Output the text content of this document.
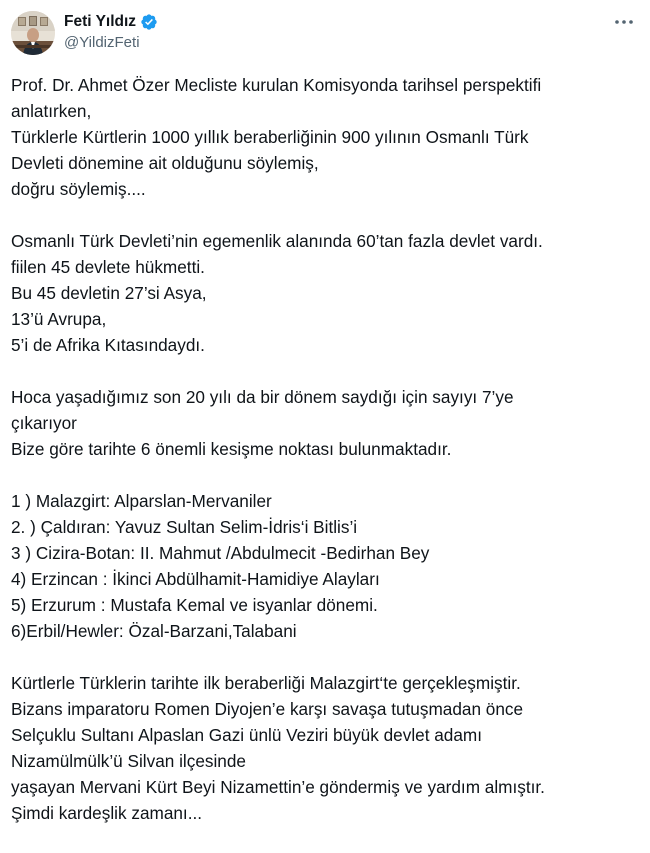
Feti Yıldız
@YildizFeti
Prof. Dr. Ahmet Özer Mecliste kurulan Komisyonda tarihsel perspektifi
anlatırken,
Türklerle Kürtlerin 1000 yıllık beraberliğinin 900 yılının Osmanlı Türk
Devleti dönemine ait olduğunu söylemiş,
doğru söylemiş....
Osmanlı Türk Devleti’nin egemenlik alanında 60’tan fazla devlet vardı.
fiilen 45 devlete hükmetti.
Bu 45 devletin 27’si Asya,
13’ü Avrupa,
5’i de Afrika Kıtasındaydı.
Hoca yaşadığımız son 20 yılı da bir dönem saydığı için sayıyı 7’ye
çıkarıyor
Bize göre tarihte 6 önemli kesişme noktası bulunmaktadır.
1 ) Malazgirt: Alparslan-Mervaniler
2. ) Çaldıran: Yavuz Sultan Selim-İdris‘i Bitlis’i
3 ) Cizira-Botan: II. Mahmut /Abdulmecit -Bedirhan Bey
4) Erzincan : İkinci Abdülhamit-Hamidiye Alayları
5) Erzurum : Mustafa Kemal ve isyanlar dönemi.
6)Erbil/Hewler: Özal-Barzani,Talabani
Kürtlerle Türklerin tarihte ilk beraberliği Malazgirt‘te gerçekleşmiştir.
Bizans imparatoru Romen Diyojen’e karşı savaşa tutuşmadan önce
Selçuklu Sultanı Alpaslan Gazi ünlü Veziri büyük devlet adamı
Nizamülmülk’ü Silvan ilçesinde
yaşayan Mervani Kürt Beyi Nizamettin’e göndermiş ve yardım almıştır.
Şimdi kardeşlik zamanı...
